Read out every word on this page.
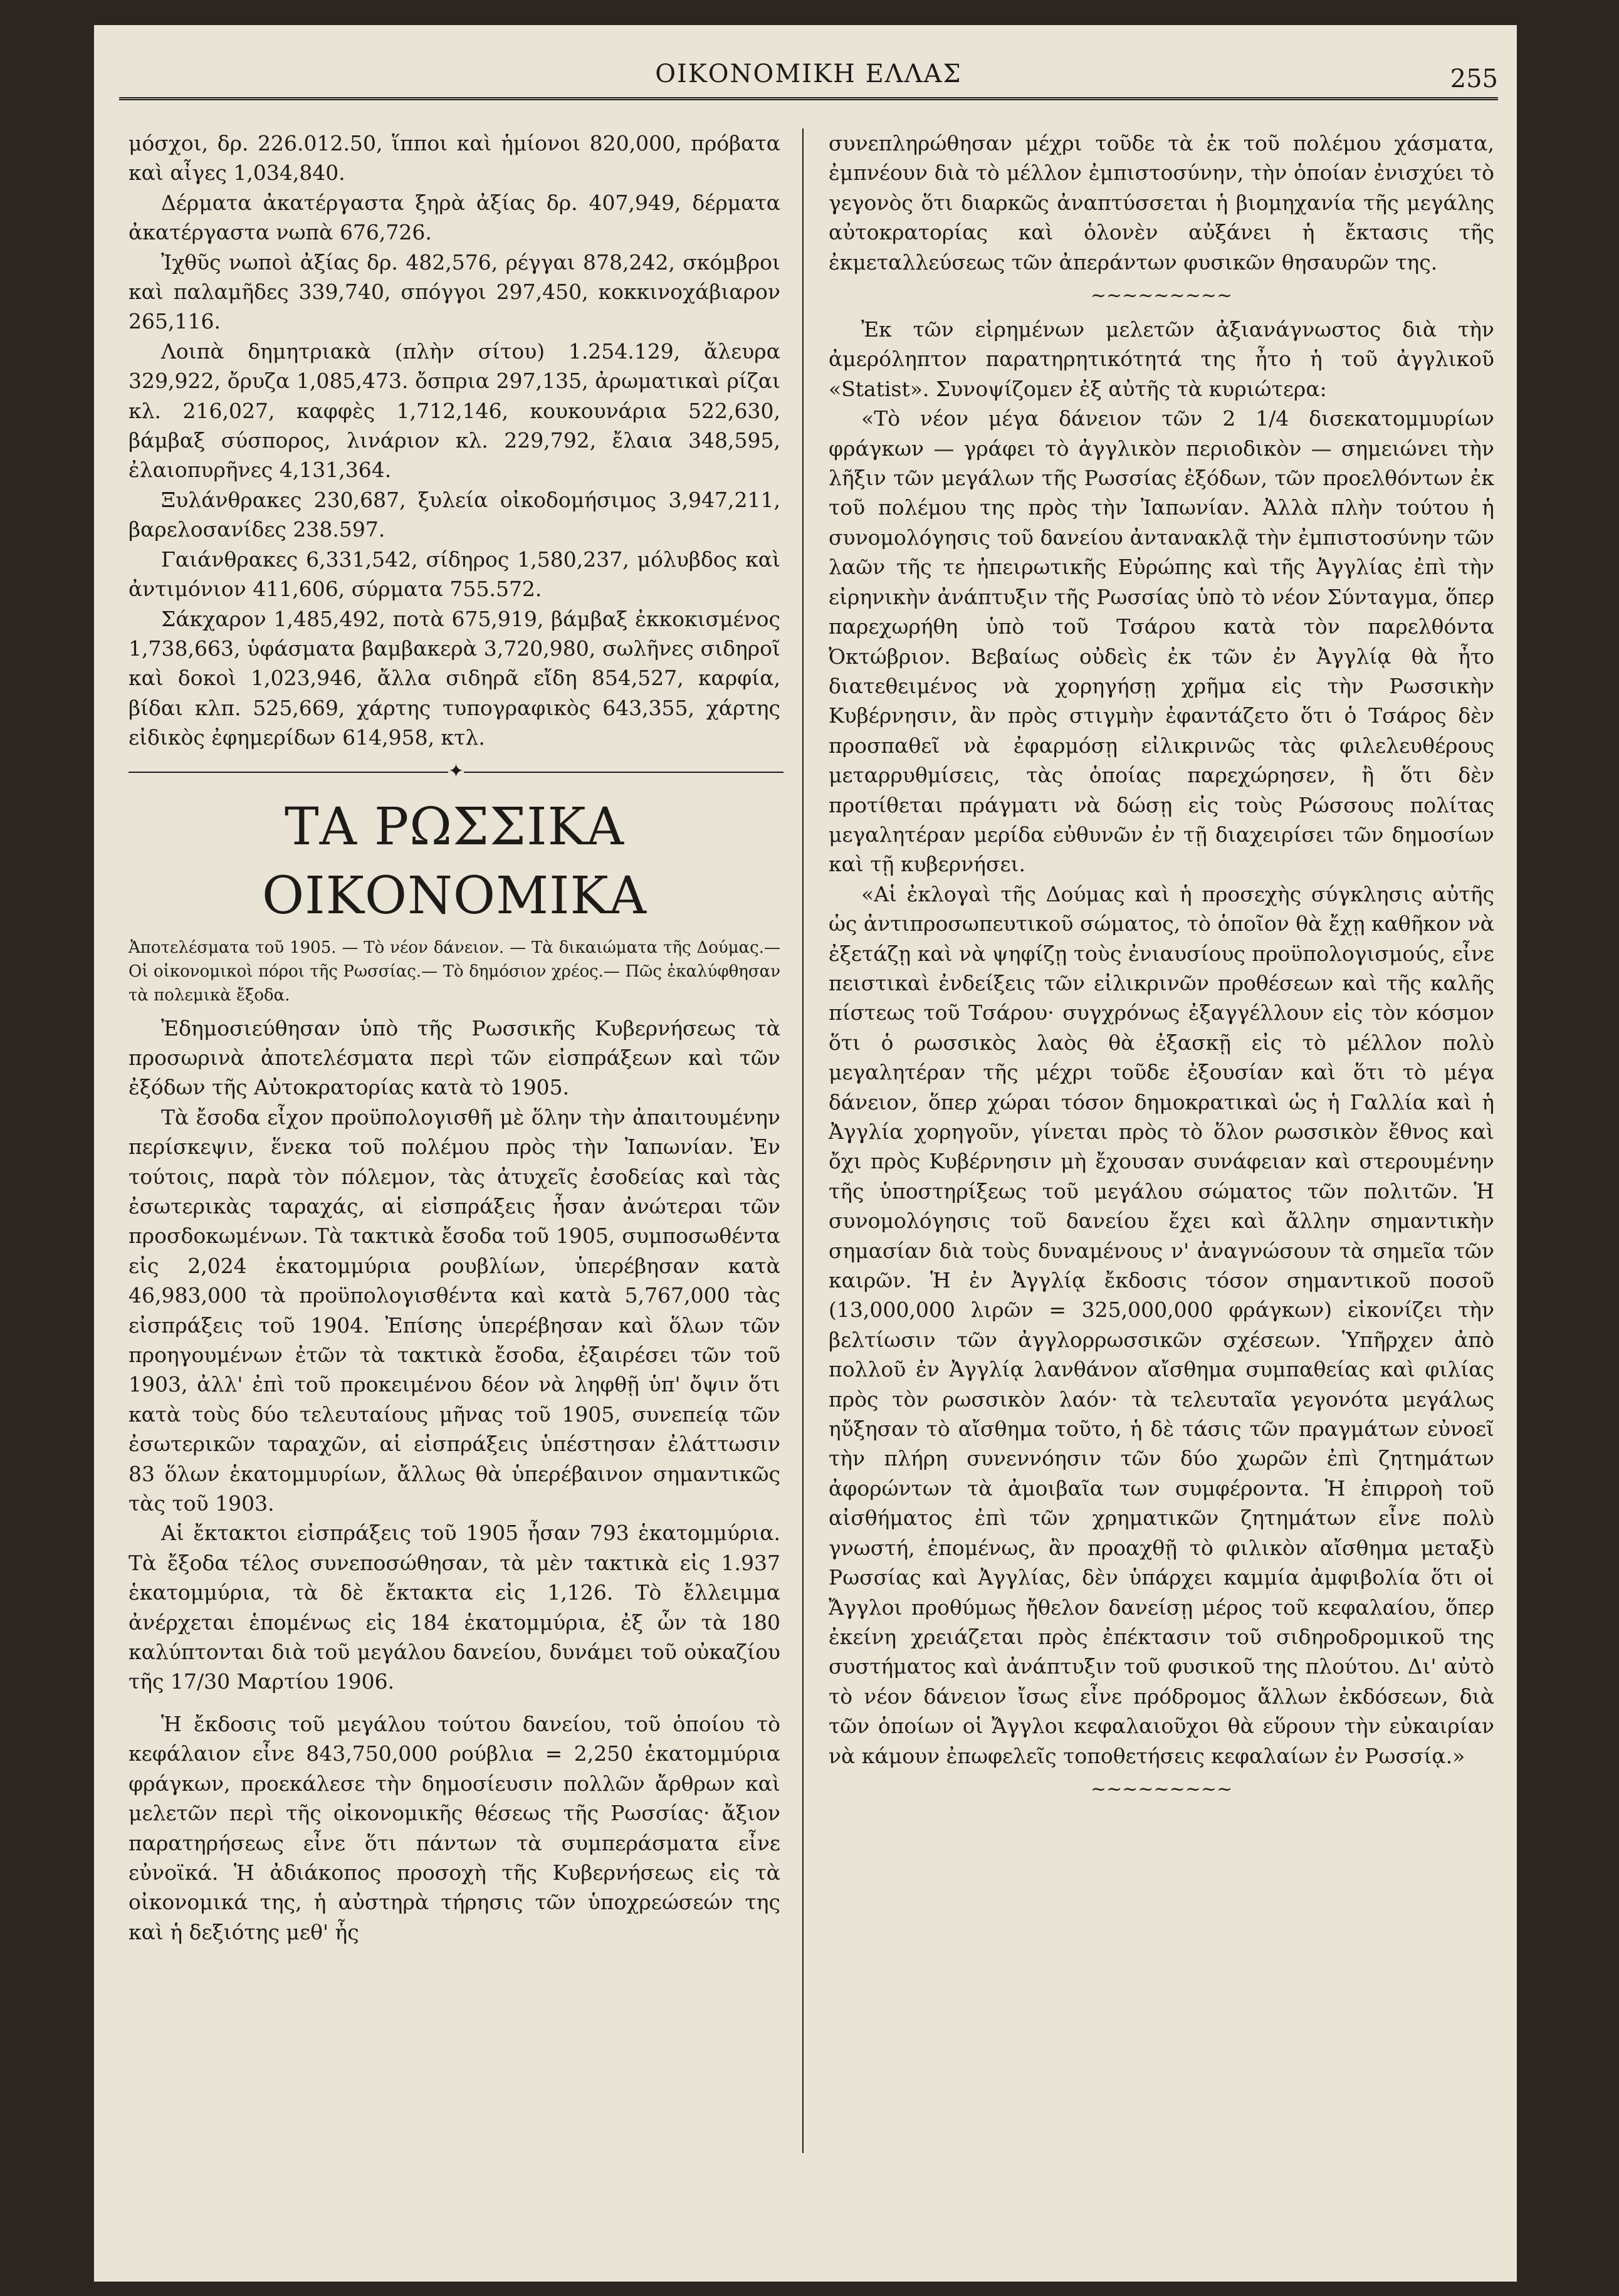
ΟΙΚΟΝΟΜΙΚΗ ΕΛΛΑΣ	255

μόσχοι, δρ. 226.012.50, ἵπποι καὶ ἡμίονοι 820,000, πρόβατα καὶ αἶγες 1,034,840.

Δέρματα ἀκατέργαστα ξηρὰ ἀξίας δρ. 407,949, δέρματα ἀκατέργαστα νωπὰ 676,726.

Ἰχθῦς νωποὶ ἀξίας δρ. 482,576, ρέγγαι 878,242, σκόμβροι καὶ παλαμῆδες 339,740, σπόγγοι 297,450, κοκκινοχάβιαρον 265,116.

Λοιπὰ δημητριακὰ (πλὴν σίτου) 1.254.129, ἄλευρα 329,922, ὄρυζα 1,085,473. ὄσπρια 297,135, ἀρωματικαὶ ρίζαι κλ. 216,027, καφφὲς 1,712,146, κουκουνάρια 522,630, βάμβαξ σύσπορος, λινάριον κλ. 229,792, ἔλαια 348,595, ἐλαιοπυρῆνες 4,131,364.

Ξυλάνθρακες 230,687, ξυλεία οἰκοδομήσιμος 3,947,211, βαρελοσανίδες 238.597.

Γαιάνθρακες 6,331,542, σίδηρος 1,580,237, μόλυβδος καὶ ἀντιμόνιον 411,606, σύρματα 755.572.

Σάκχαρον 1,485,492, ποτὰ 675,919, βάμβαξ ἐκκοκισμένος 1,738,663, ὑφάσματα βαμβακερὰ 3,720,980, σωλῆνες σιδηροῖ καὶ δοκοὶ 1,023,946, ἄλλα σιδηρᾶ εἴδη 854,527, καρφία, βίδαι κλπ. 525,669, χάρτης τυπογραφικὸς 643,355, χάρτης εἰδικὸς ἐφημερίδων 614,958, κτλ.

―――――――――――――――――✦―――――――――――――――――
ΤΑ ΡΩΣΣΙΚΑ ΟΙΚΟΝΟΜΙΚΑ

Ἀποτελέσματα τοῦ 1905. — Τὸ νέον δάνειον. — Τὰ δικαιώματα τῆς Δούμας.— Οἱ οἰκονομικοὶ πόροι τῆς Ρωσσίας.— Τὸ δημόσιον χρέος.— Πῶς ἐκαλύφθησαν τὰ πολεμικὰ ἔξοδα.

Ἐδημοσιεύθησαν ὑπὸ τῆς Ρωσσικῆς Κυβερνήσεως τὰ προσωρινὰ ἀποτελέσματα περὶ τῶν εἰσπράξεων καὶ τῶν ἐξόδων τῆς Αὐτοκρατορίας κατὰ τὸ 1905.

Τὰ ἔσοδα εἶχον προϋπολογισθῆ μὲ ὅλην τὴν ἀπαιτουμένην περίσκεψιν, ἕνεκα τοῦ πολέμου πρὸς τὴν Ἰαπωνίαν. Ἐν τούτοις, παρὰ τὸν πόλεμον, τὰς ἀτυχεῖς ἐσοδείας καὶ τὰς ἐσωτερικὰς ταραχάς, αἱ εἰσπράξεις ἦσαν ἀνώτεραι τῶν προσδοκωμένων. Τὰ τακτικὰ ἔσοδα τοῦ 1905, συμποσωθέντα εἰς 2,024 ἑκατομμύρια ρουβλίων, ὑπερέβησαν κατὰ 46,983,000 τὰ προϋπολογισθέντα καὶ κατὰ 5,767,000 τὰς εἰσπράξεις τοῦ 1904. Ἐπίσης ὑπερέβησαν καὶ ὅλων τῶν προηγουμένων ἐτῶν τὰ τακτικὰ ἔσοδα, ἐξαιρέσει τῶν τοῦ 1903, ἀλλ' ἐπὶ τοῦ προκειμένου δέον νὰ ληφθῇ ὑπ' ὄψιν ὅτι κατὰ τοὺς δύο τελευταίους μῆνας τοῦ 1905, συνεπείᾳ τῶν ἐσωτερικῶν ταραχῶν, αἱ εἰσπράξεις ὑπέστησαν ἐλάττωσιν 83 ὅλων ἑκατομμυρίων, ἄλλως θὰ ὑπερέβαινον σημαντικῶς τὰς τοῦ 1903.

Αἱ ἔκτακτοι εἰσπράξεις τοῦ 1905 ἦσαν 793 ἑκατομμύρια. Τὰ ἔξοδα τέλος συνεποσώθησαν, τὰ μὲν τακτικὰ εἰς 1.937 ἑκατομμύρια, τὰ δὲ ἔκτακτα εἰς 1,126. Τὸ ἔλλειμμα ἀνέρχεται ἑπομένως εἰς 184 ἑκατομμύρια, ἐξ ὧν τὰ 180 καλύπτονται διὰ τοῦ μεγάλου δανείου, δυνάμει τοῦ οὐκαζίου τῆς 17/30 Μαρτίου 1906.

Ἡ ἔκδοσις τοῦ μεγάλου τούτου δανείου, τοῦ ὁποίου τὸ κεφάλαιον εἶνε 843,750,000 ρούβλια = 2,250 ἑκατομμύρια φράγκων, προεκάλεσε τὴν δημοσίευσιν πολλῶν ἄρθρων καὶ μελετῶν περὶ τῆς οἰκονομικῆς θέσεως τῆς Ρωσσίας· ἄξιον παρατηρήσεως εἶνε ὅτι πάντων τὰ συμπεράσματα εἶνε εὐνοϊκά. Ἡ ἀδιάκοπος προσοχὴ τῆς Κυβερνήσεως εἰς τὰ οἰκονομικά της, ἡ αὐστηρὰ τήρησις τῶν ὑποχρεώσεών της καὶ ἡ δεξιότης μεθ' ἧς

συνεπληρώθησαν μέχρι τοῦδε τὰ ἐκ τοῦ πολέμου χάσματα, ἐμπνέουν διὰ τὸ μέλλον ἐμπιστοσύνην, τὴν ὁποίαν ἐνισχύει τὸ γεγονὸς ὅτι διαρκῶς ἀναπτύσσεται ἡ βιομηχανία τῆς μεγάλης αὐτοκρατορίας καὶ ὁλονὲν αὐξάνει ἡ ἔκτασις τῆς ἐκμεταλλεύσεως τῶν ἀπεράντων φυσικῶν θησαυρῶν της.

~~~~~~~~~

Ἐκ τῶν εἰρημένων μελετῶν ἀξιανάγνωστος διὰ τὴν ἀμερόληπτον παρατηρητικότητά της ἦτο ἡ τοῦ ἀγγλικοῦ «Statist». Συνοψίζομεν ἐξ αὐτῆς τὰ κυριώτερα:

«Τὸ νέον μέγα δάνειον τῶν 2 1/4 δισεκατομμυρίων φράγκων — γράφει τὸ ἀγγλικὸν περιοδικὸν — σημειώνει τὴν λῆξιν τῶν μεγάλων τῆς Ρωσσίας ἐξόδων, τῶν προελθόντων ἐκ τοῦ πολέμου της πρὸς τὴν Ἰαπωνίαν. Ἀλλὰ πλὴν τούτου ἡ συνομολόγησις τοῦ δανείου ἀντανακλᾷ τὴν ἐμπιστοσύνην τῶν λαῶν τῆς τε ἠπειρωτικῆς Εὐρώπης καὶ τῆς Ἀγγλίας ἐπὶ τὴν εἰρηνικὴν ἀνάπτυξιν τῆς Ρωσσίας ὑπὸ τὸ νέον Σύνταγμα, ὅπερ παρεχωρήθη ὑπὸ τοῦ Τσάρου κατὰ τὸν παρελθόντα Ὀκτώβριον. Βεβαίως οὐδεὶς ἐκ τῶν ἐν Ἀγγλίᾳ θὰ ἦτο διατεθειμένος νὰ χορηγήσῃ χρῆμα εἰς τὴν Ρωσσικὴν Κυβέρνησιν, ἂν πρὸς στιγμὴν ἐφαντάζετο ὅτι ὁ Τσάρος δὲν προσπαθεῖ νὰ ἐφαρμόσῃ εἰλικρινῶς τὰς φιλελευθέρους μεταρρυθμίσεις, τὰς ὁποίας παρεχώρησεν, ἢ ὅτι δὲν προτίθεται πράγματι νὰ δώσῃ εἰς τοὺς Ρώσσους πολίτας μεγαλητέραν μερίδα εὐθυνῶν ἐν τῇ διαχειρίσει τῶν δημοσίων καὶ τῇ κυβερνήσει.

«Αἱ ἐκλογαὶ τῆς Δούμας καὶ ἡ προσεχὴς σύγκλησις αὐτῆς ὡς ἀντιπροσωπευτικοῦ σώματος, τὸ ὁποῖον θὰ ἔχῃ καθῆκον νὰ ἐξετάζῃ καὶ νὰ ψηφίζῃ τοὺς ἐνιαυσίους προϋπολογισμούς, εἶνε πειστικαὶ ἐνδείξεις τῶν εἰλικρινῶν προθέσεων καὶ τῆς καλῆς πίστεως τοῦ Τσάρου· συγχρόνως ἐξαγγέλλουν εἰς τὸν κόσμον ὅτι ὁ ρωσσικὸς λαὸς θὰ ἐξασκῇ εἰς τὸ μέλλον πολὺ μεγαλητέραν τῆς μέχρι τοῦδε ἐξουσίαν καὶ ὅτι τὸ μέγα δάνειον, ὅπερ χώραι τόσον δημοκρατικαὶ ὡς ἡ Γαλλία καὶ ἡ Ἀγγλία χορηγοῦν, γίνεται πρὸς τὸ ὅλον ρωσσικὸν ἔθνος καὶ ὄχι πρὸς Κυβέρνησιν μὴ ἔχουσαν συνάφειαν καὶ στερουμένην τῆς ὑποστηρίξεως τοῦ μεγάλου σώματος τῶν πολιτῶν. Ἡ συνομολόγησις τοῦ δανείου ἔχει καὶ ἄλλην σημαντικὴν σημασίαν διὰ τοὺς δυναμένους ν' ἀναγνώσουν τὰ σημεῖα τῶν καιρῶν. Ἡ ἐν Ἀγγλίᾳ ἔκδοσις τόσον σημαντικοῦ ποσοῦ (13,000,000 λιρῶν = 325,000,000 φράγκων) εἰκονίζει τὴν βελτίωσιν τῶν ἀγγλορρωσσικῶν σχέσεων. Ὑπῆρχεν ἀπὸ πολλοῦ ἐν Ἀγγλίᾳ λανθάνον αἴσθημα συμπαθείας καὶ φιλίας πρὸς τὸν ρωσσικὸν λαόν· τὰ τελευταῖα γεγονότα μεγάλως ηὔξησαν τὸ αἴσθημα τοῦτο, ἡ δὲ τάσις τῶν πραγμάτων εὐνοεῖ τὴν πλήρη συνεννόησιν τῶν δύο χωρῶν ἐπὶ ζητημάτων ἀφορώντων τὰ ἀμοιβαῖα των συμφέροντα. Ἡ ἐπιρροὴ τοῦ αἰσθήματος ἐπὶ τῶν χρηματικῶν ζητημάτων εἶνε πολὺ γνωστή, ἑπομένως, ἂν προαχθῇ τὸ φιλικὸν αἴσθημα μεταξὺ Ρωσσίας καὶ Ἀγγλίας, δὲν ὑπάρχει καμμία ἀμφιβολία ὅτι οἱ Ἄγγλοι προθύμως ἤθελον δανείσῃ μέρος τοῦ κεφαλαίου, ὅπερ ἐκείνη χρειάζεται πρὸς ἐπέκτασιν τοῦ σιδηροδρομικοῦ της συστήματος καὶ ἀνάπτυξιν τοῦ φυσικοῦ της πλούτου. Δι' αὐτὸ τὸ νέον δάνειον ἴσως εἶνε πρόδρομος ἄλλων ἐκδόσεων, διὰ τῶν ὁποίων οἱ Ἄγγλοι κεφαλαιοῦχοι θὰ εὕρουν τὴν εὐκαιρίαν νὰ κάμουν ἐπωφελεῖς τοποθετήσεις κεφαλαίων ἐν Ρωσσίᾳ.»

~~~~~~~~~
